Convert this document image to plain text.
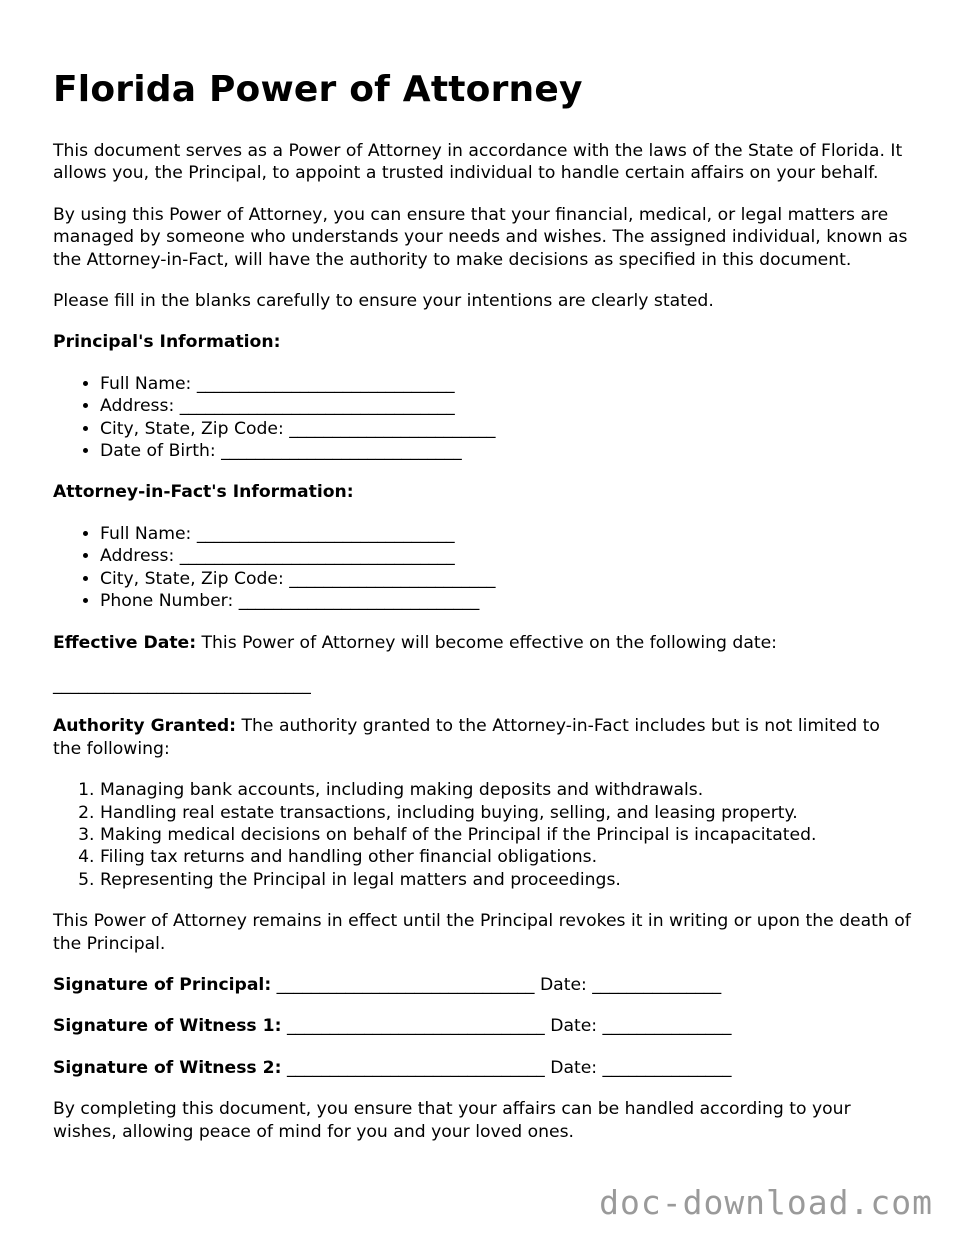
Florida Power of Attorney

This document serves as a Power of Attorney in accordance with the laws of the State of Florida. It allows you, the Principal, to appoint a trusted individual to handle certain affairs on your behalf.

By using this Power of Attorney, you can ensure that your financial, medical, or legal matters are managed by someone who understands your needs and wishes. The assigned individual, known as the Attorney-in-Fact, will have the authority to make decisions as specified in this document.

Please fill in the blanks carefully to ensure your intentions are clearly stated.

Principal's Information:
• Full Name: ______________________________
• Address: ________________________________
• City, State, Zip Code: ________________________
• Date of Birth: ____________________________
Attorney-in-Fact's Information:
• Full Name: ______________________________
• Address: ________________________________
• City, State, Zip Code: ________________________
• Phone Number: ____________________________

Effective Date: This Power of Attorney will become effective on the following date:

______________________________

Authority Granted: The authority granted to the Attorney-in-Fact includes but is not limited to the following:

1. Managing bank accounts, including making deposits and withdrawals.
2. Handling real estate transactions, including buying, selling, and leasing property.
3. Making medical decisions on behalf of the Principal if the Principal is incapacitated.
4. Filing tax returns and handling other financial obligations.
5. Representing the Principal in legal matters and proceedings.

This Power of Attorney remains in effect until the Principal revokes it in writing or upon the death of the Principal.

Signature of Principal: ______________________________ Date: _______________

Signature of Witness 1: ______________________________ Date: _______________

Signature of Witness 2: ______________________________ Date: _______________

By completing this document, you ensure that your affairs can be handled according to your wishes, allowing peace of mind for you and your loved ones.

doc-download.com
